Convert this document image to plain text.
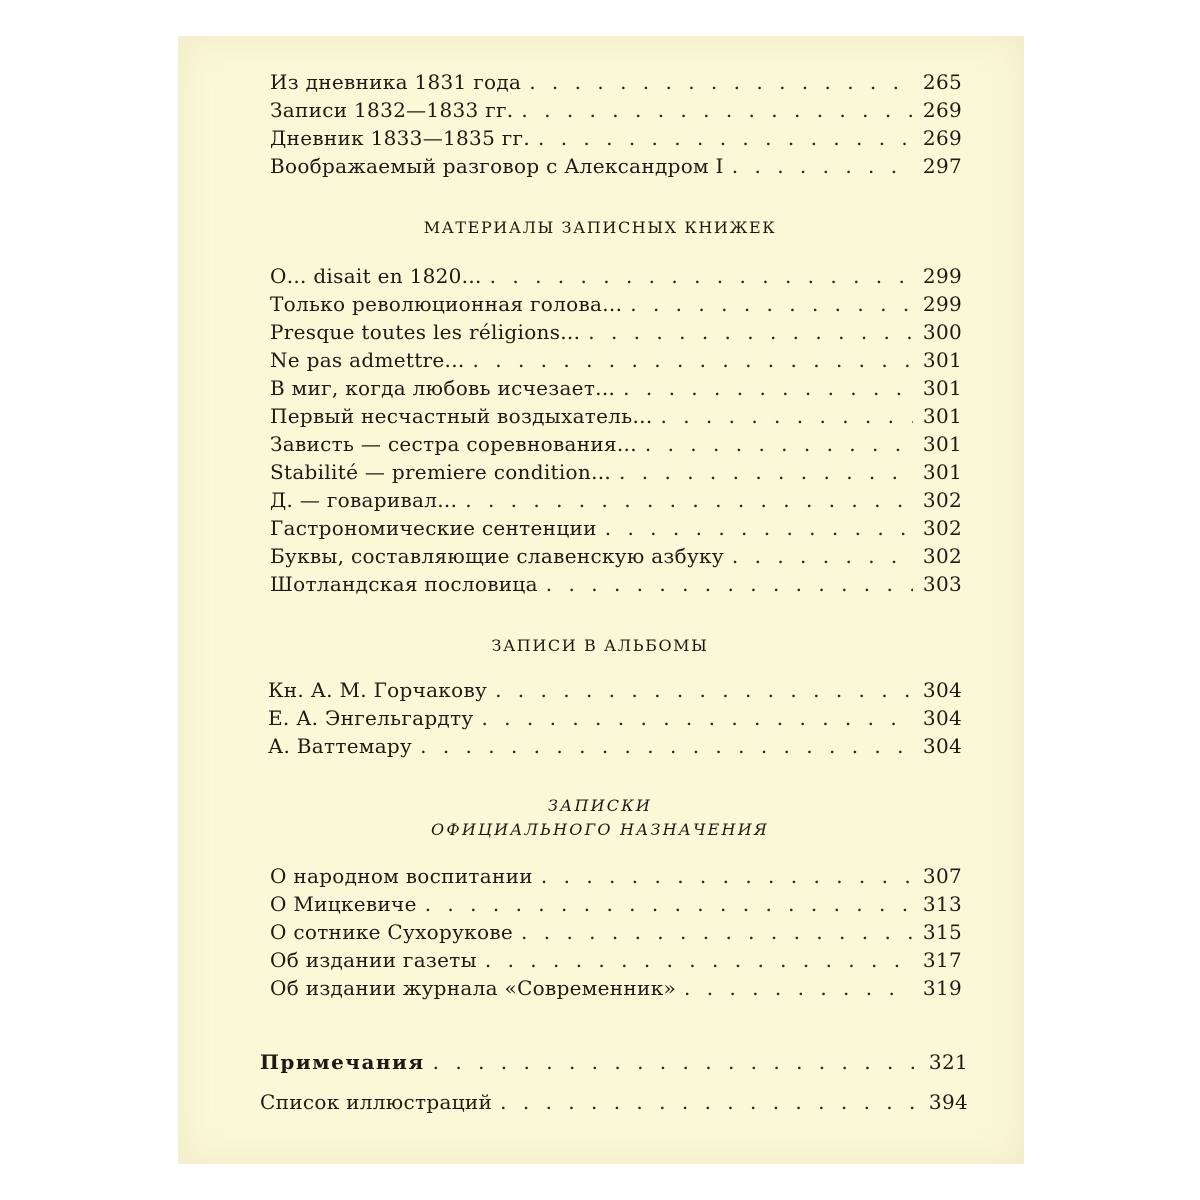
Из дневника 1831 года . . .	265
Записи 1832—1833 гг. . . .	269
Дневник 1833—1835 гг. . . .	269
Воображаемый разговор с Александром I . . .	297
МАТЕРИАЛЫ ЗАПИСНЫХ КНИЖЕК
О... disait en 1820... . . .	299
Только революционная голова... . . .	299
Presque toutes les réligions... . . .	300
Ne pas admettre... . . .	301
В миг, когда любовь исчезает... . . .	301
Первый несчастный воздыхатель... . . .	301
Зависть — сестра соревнования... . . .	301
Stabilité — premiere condition... . . .	301
Д. — говаривал... . . .	302
Гастрономические сентенции . . .	302
Буквы, составляющие славенскую азбуку . . .	302
Шотландская пословица . . .	303
ЗАПИСИ В АЛЬБОМЫ
Кн. А. М. Горчакову . . .	304
Е. А. Энгельгардту . . .	304
А. Ваттемару . . .	304
ЗАПИСКИ
ОФИЦИАЛЬНОГО НАЗНАЧЕНИЯ
О народном воспитании . . .	307
О Мицкевиче . . .	313
О сотнике Сухорукове . . .	315
Об издании газеты . . .	317
Об издании журнала «Современник» . . .	319
Примечания . . .	321
Список иллюстраций . . .	394
